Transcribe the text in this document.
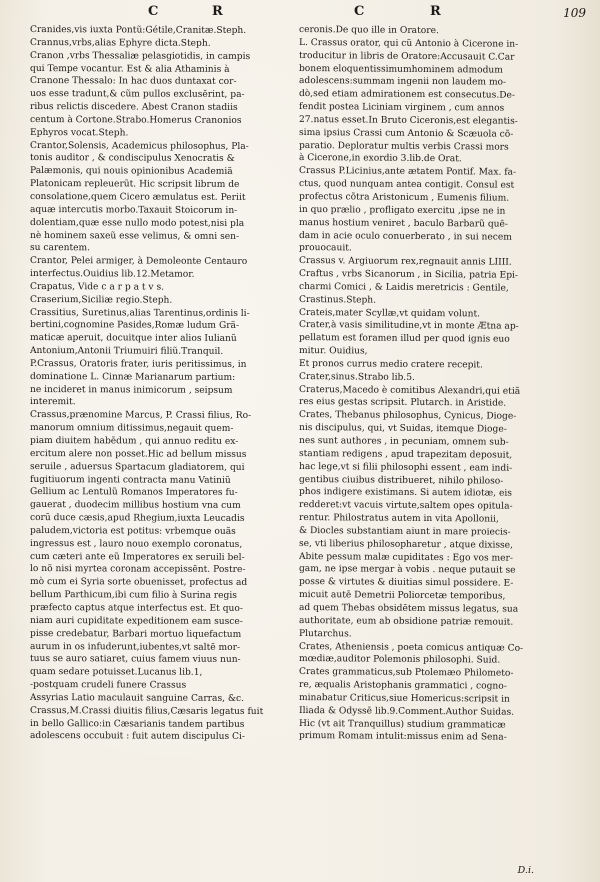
C	R	C	R	109
Cranides,vis iuxta Pontũ:Gétile,Cranitæ.Steph.
Crannus,vrbs,alias Ephyre dicta.Steph.
Cranon ,vrbs Thessaliæ pelasgiotidis, in campis
qui Tempe vocantur. Est & alia Athaminis à
Cranone Thessalo: In hac duos duntaxat cor-
uos esse tradunt,& cũm pullos exclusĕrint, pa-
ribus relictis discedere. Abest Cranon stadiis
centum à Cortone.Strabo.Homerus Cranonios
Ephyros vocat.Steph.
Crantor,Solensis, Academicus philosophus, Pla-
tonis auditor , & condiscipulus Xenocratis &
Palæmonis, qui nouis opinionibus Academiã
Platonicam repleuerūt. Hic scripsit librum de
consolatione,quem Cicero æmulatus est. Periit
aquæ intercutis morbo.Taxauit Stoicorum in-
dolentiam,quæ esse nullo modo potest,nisi pla
nè hominem saxeũ esse velimus, & omni sen-
su carentem.
Crantor, Pelei armiger, à Demoleonte Centauro
interfectus.Ouidius lib.12.Metamor.
Crapatus, Vide c a r p a t v s.
Craserium,Siciliæ regio.Steph.
Crassitius, Suretinus,alias Tarentinus,ordinis li-
bertini,cognomine Pasides,Romæ ludum Grã-
maticæ aperuit, docuitque inter alios Iulianũ
Antonium,Antonii Triumuiri filiũ.Tranquil.
P.Crassus, Oratoris frater, iuris peritissimus, in
dominatione L. Cinnæ Marianarum partium:
ne incideret in manus inimicorum , seipsum
interemit.
Crassus,prænomine Marcus, P. Crassi filius, Ro-
manorum omnium ditissimus,negauit quem-
piam diuitem habēdum , qui annuo reditu ex-
ercitum alere non posset.Hic ad bellum missus
seruile , aduersus Spartacum gladiatorem, qui
fugitiuorum ingenti contracta manu Vatiniũ
Gellium ac Lentulũ Romanos Imperatores fu-
gauerat , duodecim millibus hostium vna cum
corū duce cæsis,apud Rhegium,iuxta Leucadis
paludem,victoria est potitus: vrbemque ouãs
ingressus est , lauro nouo exemplo coronatus,
cum cæteri ante eũ Imperatores ex seruili bel-
lo nõ nisi myrtea coronam accepissēnt. Postre-
mò cum ei Syria sorte obuenisset, profectus ad
bellum Parthicum,ibi cum filio à Surina regis
præfecto captus atque interfectus est. Et quo-
niam auri cupiditate expeditionem eam susce-
pisse credebatur, Barbari mortuo liquefactum
aurum in os infuderunt,iubentes,vt saltē mor-
tuus se auro satiaret, cuius famem viuus nun-
quam sedare potuisset.Lucanus lib.1,
-postquam crudeli funere Crassus
Assyrias Latio maculauit sanguine Carras, &c.
Crassus,M.Crassi diuitis filius,Cæsaris legatus fuit
in bello Gallico:in Cæsarianis tandem partibus
adolescens occubuit : fuit autem discipulus Ci-
ceronis.De quo ille in Oratore.
L. Crassus orator, qui cũ Antonio à Cicerone in-
troducitur in libris de Oratore:Accusauit C.Car
bonem eloquentissimumhominem admodum
adolescens:summam ingenii non laudem mo-
dò,sed etiam admirationem est consecutus.De-
fendit postea Liciniam virginem , cum annos
27.natus esset.In Bruto Ciceronis,est elegantis-
sima ipsius Crassi cum Antonio & Scæuola cõ-
paratio. Deploratur multis verbis Crassi mors
à Cicerone,in exordio 3.lib.de Orat.
Crassus P.Licinius,ante ætatem Pontif. Max. fa-
ctus, quod nunquam antea contigit. Consul est
profectus cõtra Aristonicum , Eumenis filium.
in quo prælio , profligato exercitu ,ipse ne in
manus hostium veniret , baculo Barbarũ quē-
dam in acie oculo conuerberato , in sui necem
prouocauit.
Crassus v. Argiuorum rex,regnauit annis LIIII.
Craftus , vrbs Sicanorum , in Sicilia, patria Epi-
charmi Comici , & Laidis meretricis : Gentile,
Crastinus.Steph.
Crateis,mater Scyllæ,vt quidam volunt.
Crater,à vasis similitudine,vt in monte Ætna ap-
pellatum est foramen illud per quod ignis euo
mitur. Ouidius,
Et pronos currus medio cratere recepit.
Crater,sinus.Strabo lib.5.
Craterus,Macedo è comitibus Alexandri,qui etiã
res eius gestas scripsit. Plutarch. in Aristide.
Crates, Thebanus philosophus, Cynicus, Dioge-
nis discipulus, qui, vt Suidas, itemque Dioge-
nes sunt authores , in pecuniam, omnem sub-
stantiam redigens , apud trapezitam deposuit,
hac lege,vt si filii philosophi essent , eam indi-
gentibus ciuibus distribueret, nihilo philoso-
phos indigere existimans. Si autem idiotæ, eis
redderet:vt vacuis virtute,saltem opes opitula-
rentur. Philostratus autem in vita Apollonii,
& Diocles substantiam aiunt in mare proiecis-
se, vti liberius philosopharetur , atque dixisse,
Abite pessum malæ cupiditates : Ego vos mer-
gam, ne ipse mergar à vobis . neque putauit se
posse & virtutes & diuitias simul possidere. E-
micuit autē Demetrii Poliorcetæ temporibus,
ad quem Thebas obsidētem missus legatus, sua
authoritate, eum ab obsidione patriæ remouit.
Plutarchus.
Crates, Atheniensis , poeta comicus antiquæ Co-
mœdiæ,auditor Polemonis philosophi. Suid.
Crates grammaticus,sub Ptolemæo Philometo-
re, æqualis Aristophanis grammatici , cogno-
minabatur Criticus,siue Homericus:scripsit in
Iliada & Odyssē lib.9.Comment.Author Suidas.
Hic (vt ait Tranquillus) studium grammaticæ
primum Romam intulit:missus enim ad Sena-
D.i.
